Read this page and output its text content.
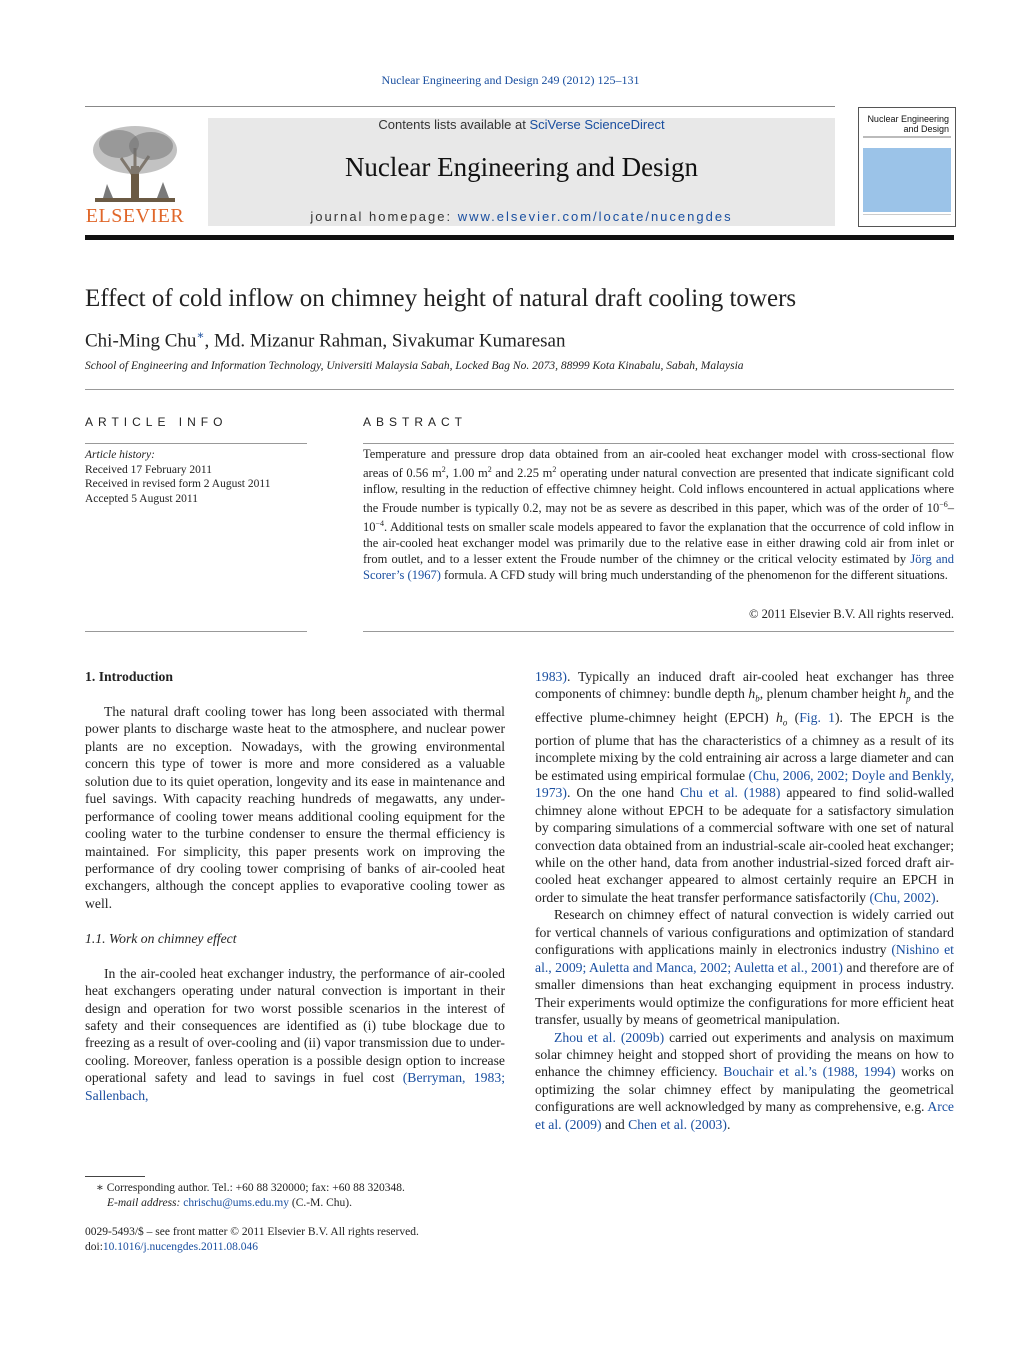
Nuclear Engineering and Design 249 (2012) 125–131
ELSEVIER
Contents lists available at SciVerse ScienceDirect
Nuclear Engineering and Design
journal homepage: www.elsevier.com/locate/nucengdes
Nuclear Engineering
and Design
Effect of cold inflow on chimney height of natural draft cooling towers
Chi-Ming Chu∗, Md. Mizanur Rahman, Sivakumar Kumaresan
School of Engineering and Information Technology, Universiti Malaysia Sabah, Locked Bag No. 2073, 88999 Kota Kinabalu, Sabah, Malaysia
ARTICLE INFO	ABSTRACT
Article history:
Received 17 February 2011
Received in revised form 2 August 2011
Accepted 5 August 2011
Temperature and pressure drop data obtained from an air-cooled heat exchanger model with cross-sectional flow areas of 0.56 $m^2$, 1.00 $m^2$ and 2.25 $m^2$ operating under natural convection are presented that indicate significant cold inflow, resulting in the reduction of effective chimney height. Cold inflows encountered in actual applications where the Froude number is typically 0.2, may not be as severe as described in this paper, which was of the order of $10^{-6}-10^{-4}$. Additional tests on smaller scale models appeared to favor the explanation that the occurrence of cold inflow in the air-cooled heat exchanger model was primarily due to the relative ease in either drawing cold air from inlet or from outlet, and to a lesser extent the Froude number of the chimney or the critical velocity estimated by Jörg and Scorer’s (1967) formula. A CFD study will bring much understanding of the phenomenon for the different situations.
© 2011 Elsevier B.V. All rights reserved.

1. Introduction

The natural draft cooling tower has long been associated with thermal power plants to discharge waste heat to the atmosphere, and nuclear power plants are no exception. Nowadays, with the growing environmental concern this type of tower is more and more considered as a valuable solution due to its quiet operation, longevity and its ease in maintenance and fuel savings. With capacity reaching hundreds of megawatts, any under-performance of cooling tower means additional cooling equipment for the cooling water to the turbine condenser to ensure the thermal efficiency is maintained. For simplicity, this paper presents work on improving the performance of dry cooling tower comprising of banks of air-cooled heat exchangers, although the concept applies to evaporative cooling tower as well.

1.1. Work on chimney effect

In the air-cooled heat exchanger industry, the performance of air-cooled heat exchangers operating under natural convection is important in their design and operation for two worst possible scenarios in the interest of safety and their consequences are identified as (i) tube blockage due to freezing as a result of over-cooling and (ii) vapor transmission due to under-cooling. Moreover, fanless operation is a possible design option to increase operational safety and lead to savings in fuel cost (Berryman, 1983; Sallenbach,

1983). Typically an induced draft air-cooled heat exchanger has three components of chimney: bundle depth $h_b$, plenum chamber height $h_p$ and the effective plume-chimney height (EPCH) $h_o$ (Fig. 1). The EPCH is the portion of plume that has the characteristics of a chimney as a result of its incomplete mixing by the cold entraining air across a large diameter and can be estimated using empirical formulae (Chu, 2006, 2002; Doyle and Benkly, 1973). On the one hand Chu et al. (1988) appeared to find solid-walled chimney alone without EPCH to be adequate for a satisfactory simulation by comparing simulations of a commercial software with one set of natural convection data obtained from an industrial-scale air-cooled heat exchanger; while on the other hand, data from another industrial-sized forced draft air-cooled heat exchanger appeared to almost certainly require an EPCH in order to simulate the heat transfer performance satisfactorily (Chu, 2002).

Research on chimney effect of natural convection is widely carried out for vertical channels of various configurations and optimization of standard configurations with applications mainly in electronics industry (Nishino et al., 2009; Auletta and Manca, 2002; Auletta et al., 2001) and therefore are of smaller dimensions than heat exchanging equipment in process industry. Their experiments would optimize the configurations for more efficient heat transfer, usually by means of geometrical manipulation.

Zhou et al. (2009b) carried out experiments and analysis on maximum solar chimney height and stopped short of providing the means on how to enhance the chimney efficiency. Bouchair et al.’s (1988, 1994) works on optimizing the solar chimney effect by manipulating the geometrical configurations are well acknowledged by many as comprehensive, e.g. Arce et al. (2009) and Chen et al. (2003).

∗ Corresponding author. Tel.: +60 88 320000; fax: +60 88 320348.
E-mail address: chrischu@ums.edu.my (C.-M. Chu).
0029-5493/$ – see front matter © 2011 Elsevier B.V. All rights reserved.
doi:10.1016/j.nucengdes.2011.08.046
